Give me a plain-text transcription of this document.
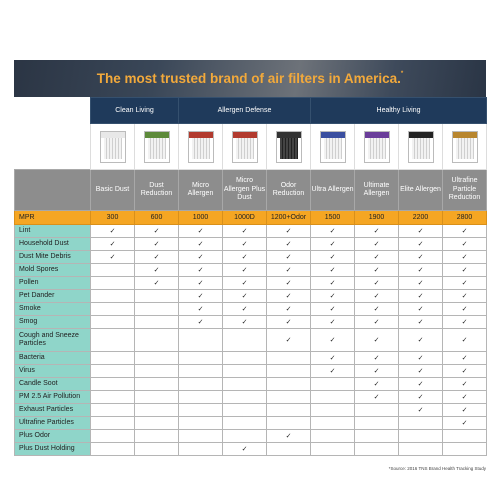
The most trusted brand of air filters in America.*
	Clean Living		Allergen Defense			Healthy Living			

	Basic Dust	Dust Reduction	Micro Allergen	Micro Allergen Plus Dust	Odor Reduction	Ultra Allergen	Ultimate Allergen	Elite Allergen	Ultrafine Particle Reduction
MPR	300	600	1000	1000D	1200+Odor	1500	1900	2200	2800
Lint	✓	✓	✓	✓	✓	✓	✓	✓	✓
Household Dust	✓	✓	✓	✓	✓	✓	✓	✓	✓
Dust Mite Debris	✓	✓	✓	✓	✓	✓	✓	✓	✓
Mold Spores		✓	✓	✓	✓	✓	✓	✓	✓
Pollen		✓	✓	✓	✓	✓	✓	✓	✓
Pet Dander			✓	✓	✓	✓	✓	✓	✓
Smoke			✓	✓	✓	✓	✓	✓	✓
Smog			✓	✓	✓	✓	✓	✓	✓
Cough and Sneeze Particles					✓	✓	✓	✓	✓
Bacteria						✓	✓	✓	✓
Virus						✓	✓	✓	✓
Candle Soot							✓	✓	✓
PM 2.5 Air Pollution							✓	✓	✓
Exhaust Particles								✓	✓
Ultrafine Particles									✓
Plus Odor					✓				
Plus Dust Holding				✓					
*Source: 2016 TNS Brand Health Tracking Study
